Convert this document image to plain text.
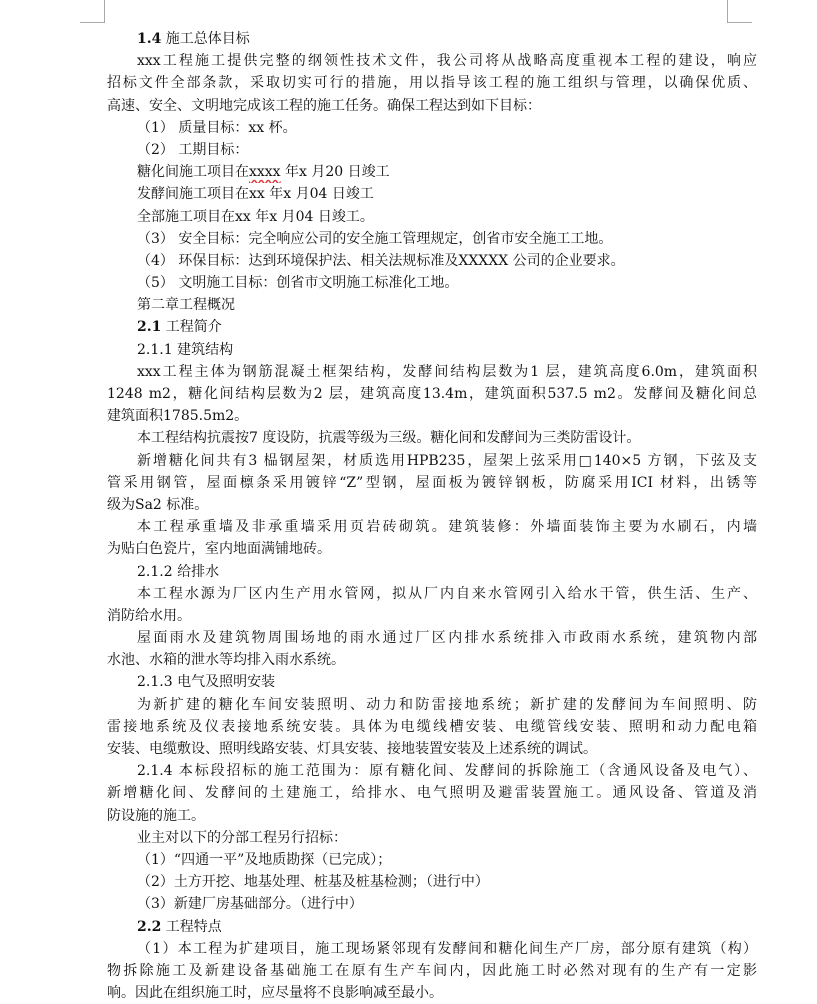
1.4 施工总体目标
xxx工程施工提供完整的纲领性技术文件，我公司将从战略高度重视本工程的建设，响应
招标文件全部条款，采取切实可行的措施，用以指导该工程的施工组织与管理，以确保优质、
高速、安全、文明地完成该工程的施工任务。确保工程达到如下目标：
（1） 质量目标：xx 杯。
（2） 工期目标：
糖化间施工项目在xxxx 年x 月20 日竣工
发酵间施工项目在xx 年x 月04 日竣工
全部施工项目在xx 年x 月04 日竣工。
（3） 安全目标：完全响应公司的安全施工管理规定，创省市安全施工工地。
（4） 环保目标：达到环境保护法、相关法规标准及XXXXX 公司的企业要求。
（5） 文明施工目标：创省市文明施工标准化工地。
第二章工程概况
2.1 工程简介
2.1.1 建筑结构
xxx工程主体为钢筋混凝土框架结构，发酵间结构层数为1 层，建筑高度6.0m，建筑面积
1248 m2，糖化间结构层数为2 层，建筑高度13.4m，建筑面积537.5 m2。发酵间及糖化间总
建筑面积1785.5m2。
本工程结构抗震按7 度设防，抗震等级为三级。糖化间和发酵间为三类防雷设计。
新增糖化间共有3 榀钢屋架，材质选用HPB235，屋架上弦采用□140×5 方钢，下弦及支
管采用钢管，屋面檩条采用镀锌“Z”型钢，屋面板为镀锌钢板，防腐采用ICI 材料，出锈等
级为Sa2 标准。
本工程承重墙及非承重墙采用页岩砖砌筑。建筑装修：外墙面装饰主要为水刷石，内墙
为贴白色瓷片，室内地面满铺地砖。
2.1.2 给排水
本工程水源为厂区内生产用水管网，拟从厂内自来水管网引入给水干管，供生活、生产、
消防给水用。
屋面雨水及建筑物周围场地的雨水通过厂区内排水系统排入市政雨水系统，建筑物内部
水池、水箱的泄水等均排入雨水系统。
2.1.3 电气及照明安装
为新扩建的糖化车间安装照明、动力和防雷接地系统；新扩建的发酵间为车间照明、防
雷接地系统及仪表接地系统安装。具体为电缆线槽安装、电缆管线安装、照明和动力配电箱
安装、电缆敷设、照明线路安装、灯具安装、接地装置安装及上述系统的调试。
2.1.4 本标段招标的施工范围为：原有糖化间、发酵间的拆除施工（含通风设备及电气）、
新增糖化间、发酵间的土建施工，给排水、电气照明及避雷装置施工。通风设备、管道及消
防设施的施工。
业主对以下的分部工程另行招标：
（1）“四通一平”及地质勘探（已完成）；
（2）土方开挖、地基处理、桩基及桩基检测；（进行中）
（3）新建厂房基础部分。（进行中）
2.2 工程特点
（1）本工程为扩建项目，施工现场紧邻现有发酵间和糖化间生产厂房，部分原有建筑（构）
物拆除施工及新建设备基础施工在原有生产车间内，因此施工时必然对现有的生产有一定影
响。因此在组织施工时，应尽量将不良影响减至最小。
